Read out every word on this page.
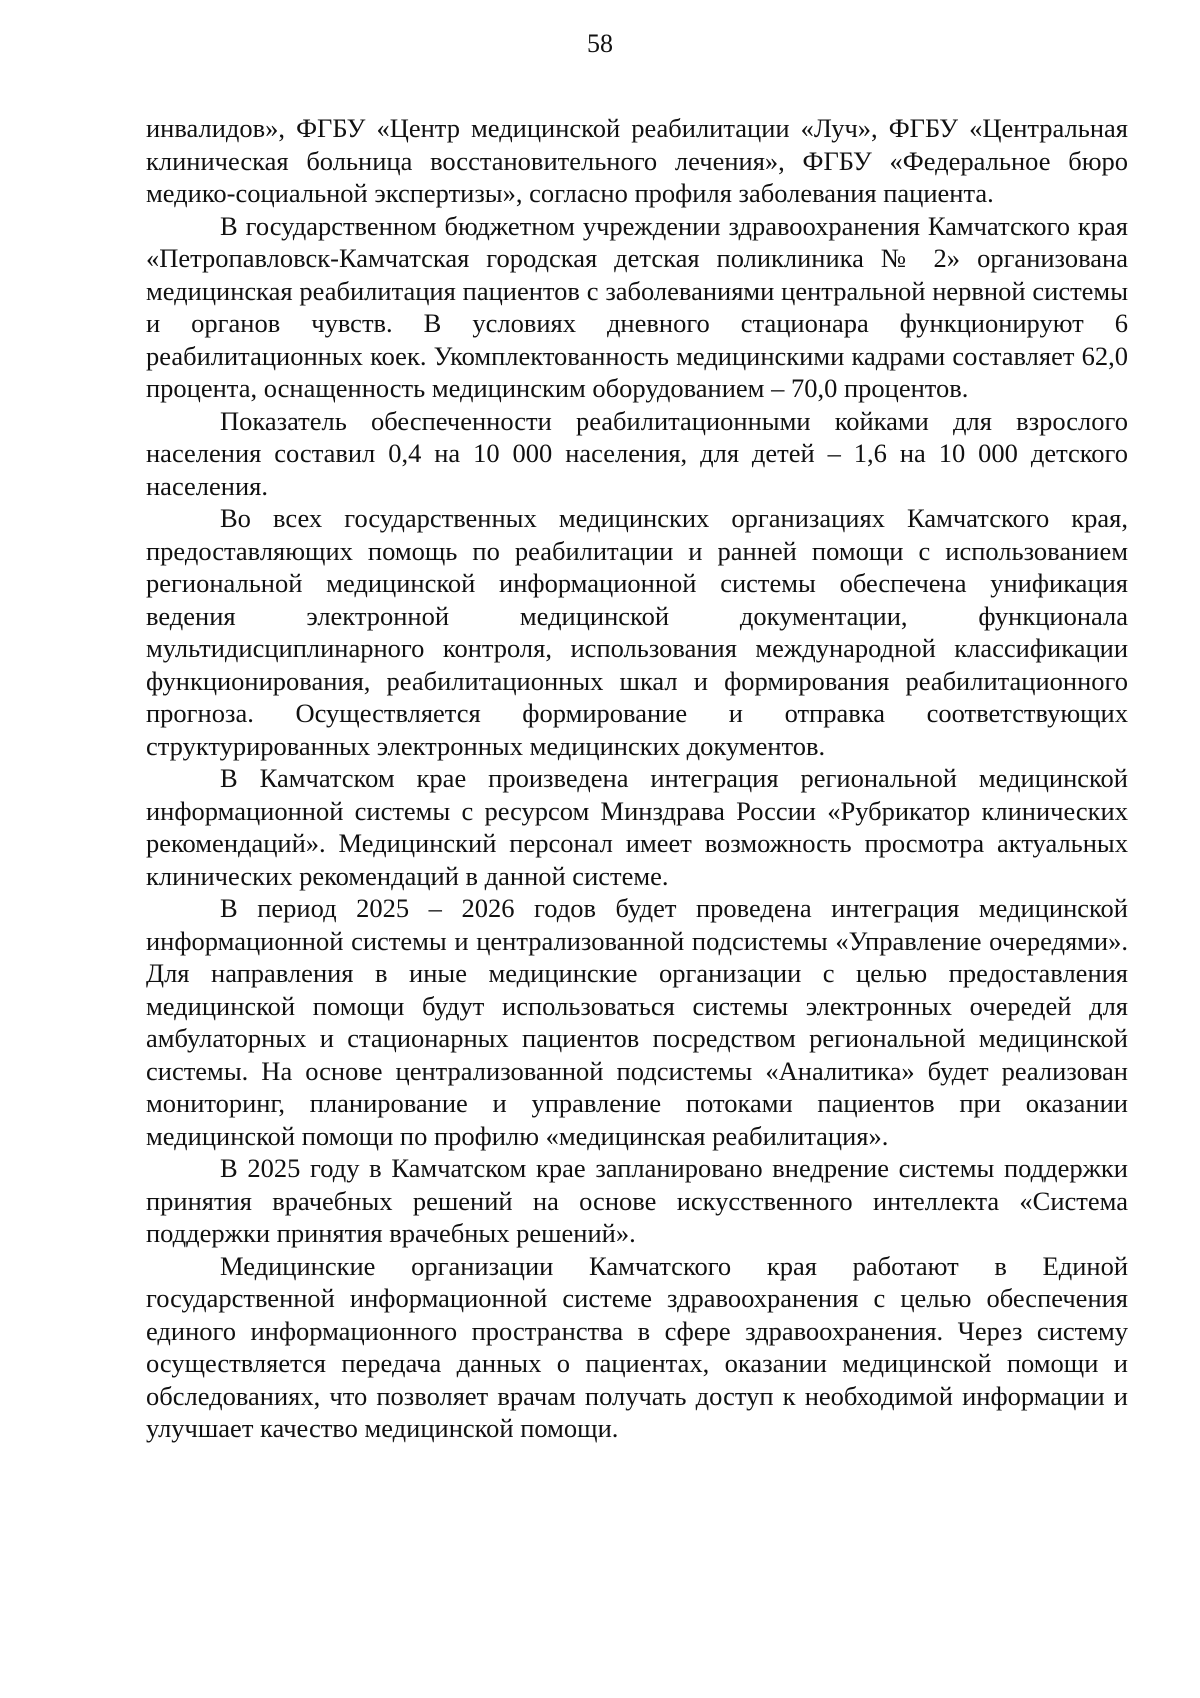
58

инвалидов», ФГБУ «Центр медицинской реабилитации «Луч», ФГБУ «Центральная клиническая больница восстановительного лечения», ФГБУ «Федеральное бюро медико-социальной экспертизы», согласно профиля заболевания пациента.

В государственном бюджетном учреждении здравоохранения Камчатского края «Петропавловск-Камчатская городская детская поликлиника № 2» организована медицинская реабилитация пациентов с заболеваниями центральной нервной системы и органов чувств. В условиях дневного стационара функционируют 6 реабилитационных коек. Укомплектованность медицинскими кадрами составляет 62,0 процента, оснащенность медицинским оборудованием – 70,0 процентов.

Показатель обеспеченности реабилитационными койками для взрослого населения составил 0,4 на 10 000 населения, для детей – 1,6 на 10 000 детского населения.

Во всех государственных медицинских организациях Камчатского края, предоставляющих помощь по реабилитации и ранней помощи с использованием региональной медицинской информационной системы обеспечена унификация ведения электронной медицинской документации, функционала мультидисциплинарного контроля, использования международной классификации функционирования, реабилитационных шкал и формирования реабилитационного прогноза. Осуществляется формирование и отправка соответствующих структурированных электронных медицинских документов.

В Камчатском крае произведена интеграция региональной медицинской информационной системы с ресурсом Минздрава России «Рубрикатор клинических рекомендаций». Медицинский персонал имеет возможность просмотра актуальных клинических рекомендаций в данной системе.

В период 2025 – 2026 годов будет проведена интеграция медицинской информационной системы и централизованной подсистемы «Управление очередями». Для направления в иные медицинские организации с целью предоставления медицинской помощи будут использоваться системы электронных очередей для амбулаторных и стационарных пациентов посредством региональной медицинской системы. На основе централизованной подсистемы «Аналитика» будет реализован мониторинг, планирование и управление потоками пациентов при оказании медицинской помощи по профилю «медицинская реабилитация».

В 2025 году в Камчатском крае запланировано внедрение системы поддержки принятия врачебных решений на основе искусственного интеллекта «Система поддержки принятия врачебных решений».

Медицинские организации Камчатского края работают в Единой государственной информационной системе здравоохранения с целью обеспечения единого информационного пространства в сфере здравоохранения. Через систему осуществляется передача данных о пациентах, оказании медицинской помощи и обследованиях, что позволяет врачам получать доступ к необходимой информации и улучшает качество медицинской помощи.
